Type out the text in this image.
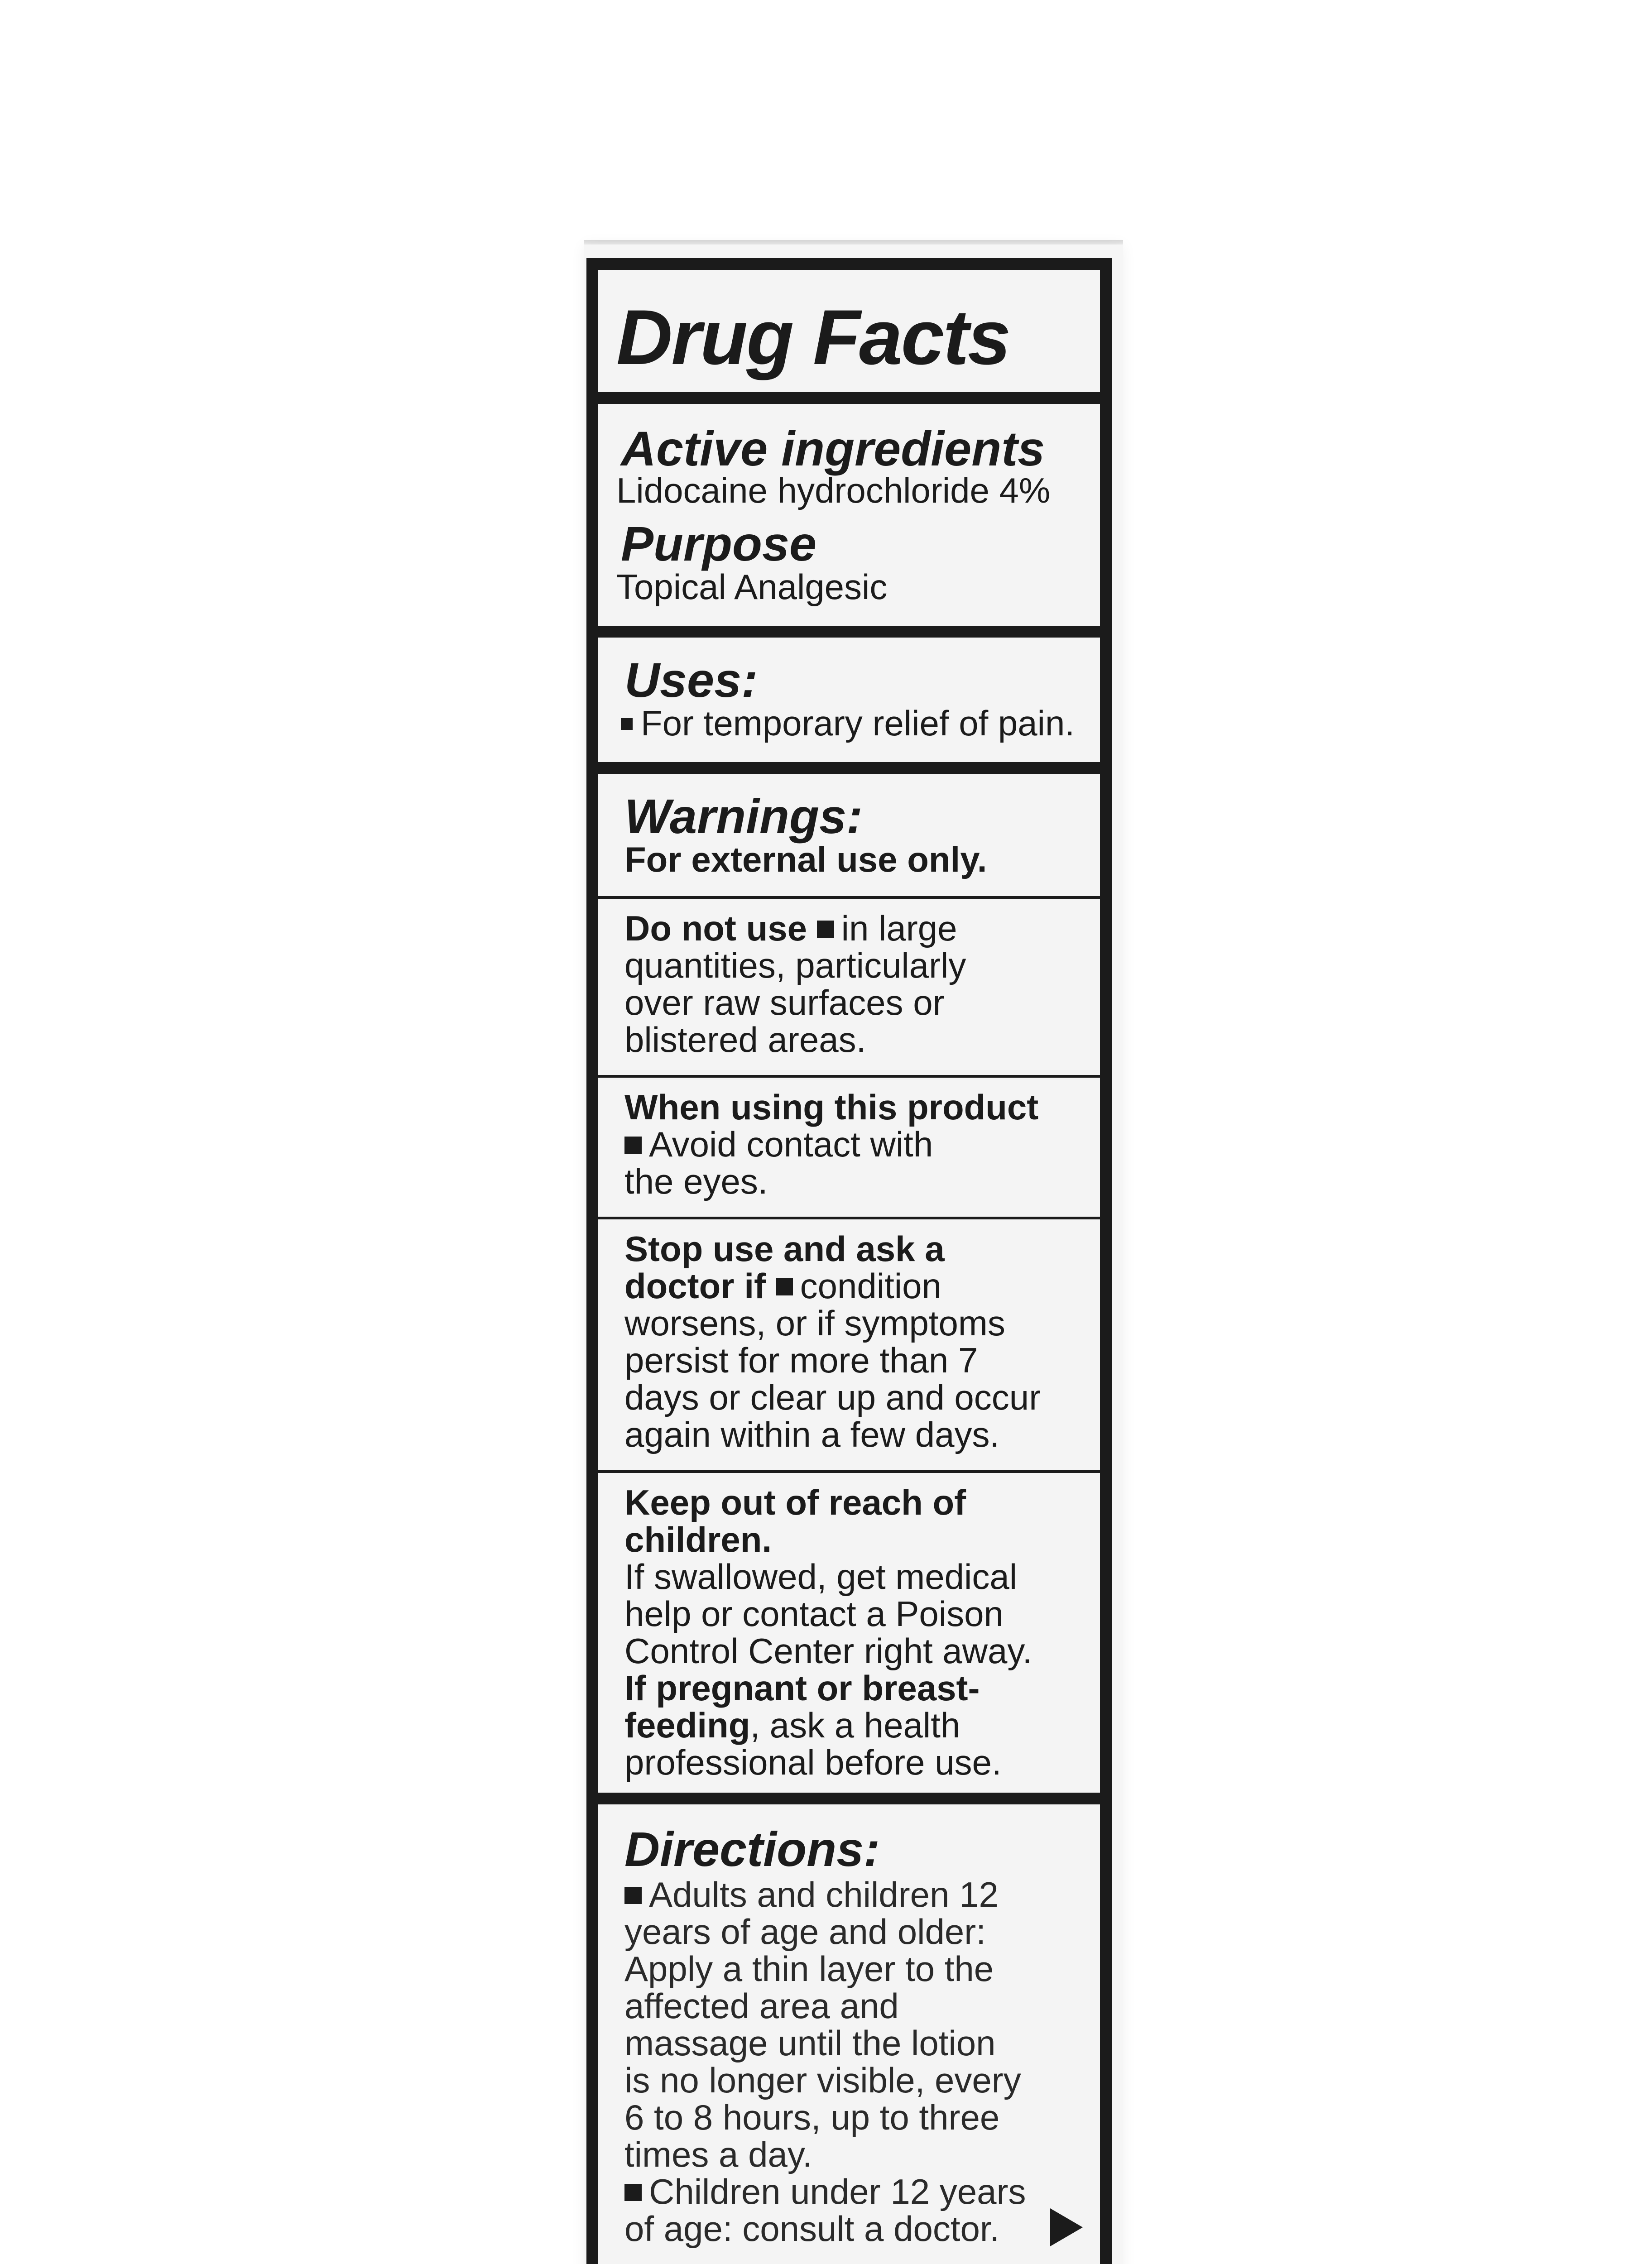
Drug Facts
Active ingredients
Lidocaine hydrochloride 4%
Purpose
Topical Analgesic
Uses:
For temporary relief of pain.
Warnings:
For external use only.
Do not use in large
quantities, particularly
over raw surfaces or
blistered areas.
When using this product
Avoid contact with
the eyes.
Stop use and ask a
doctor if condition
worsens, or if symptoms
persist for more than 7
days or clear up and occur
again within a few days.
Keep out of reach of
children.
If swallowed, get medical
help or contact a Poison
Control Center right away.
If pregnant or breast-
feeding, ask a health
professional before use.
Directions:
Adults and children 12
years of age and older:
Apply a thin layer to the
affected area and
massage until the lotion
is no longer visible, every
6 to 8 hours, up to three
times a day.
Children under 12 years
of age: consult a doctor.
